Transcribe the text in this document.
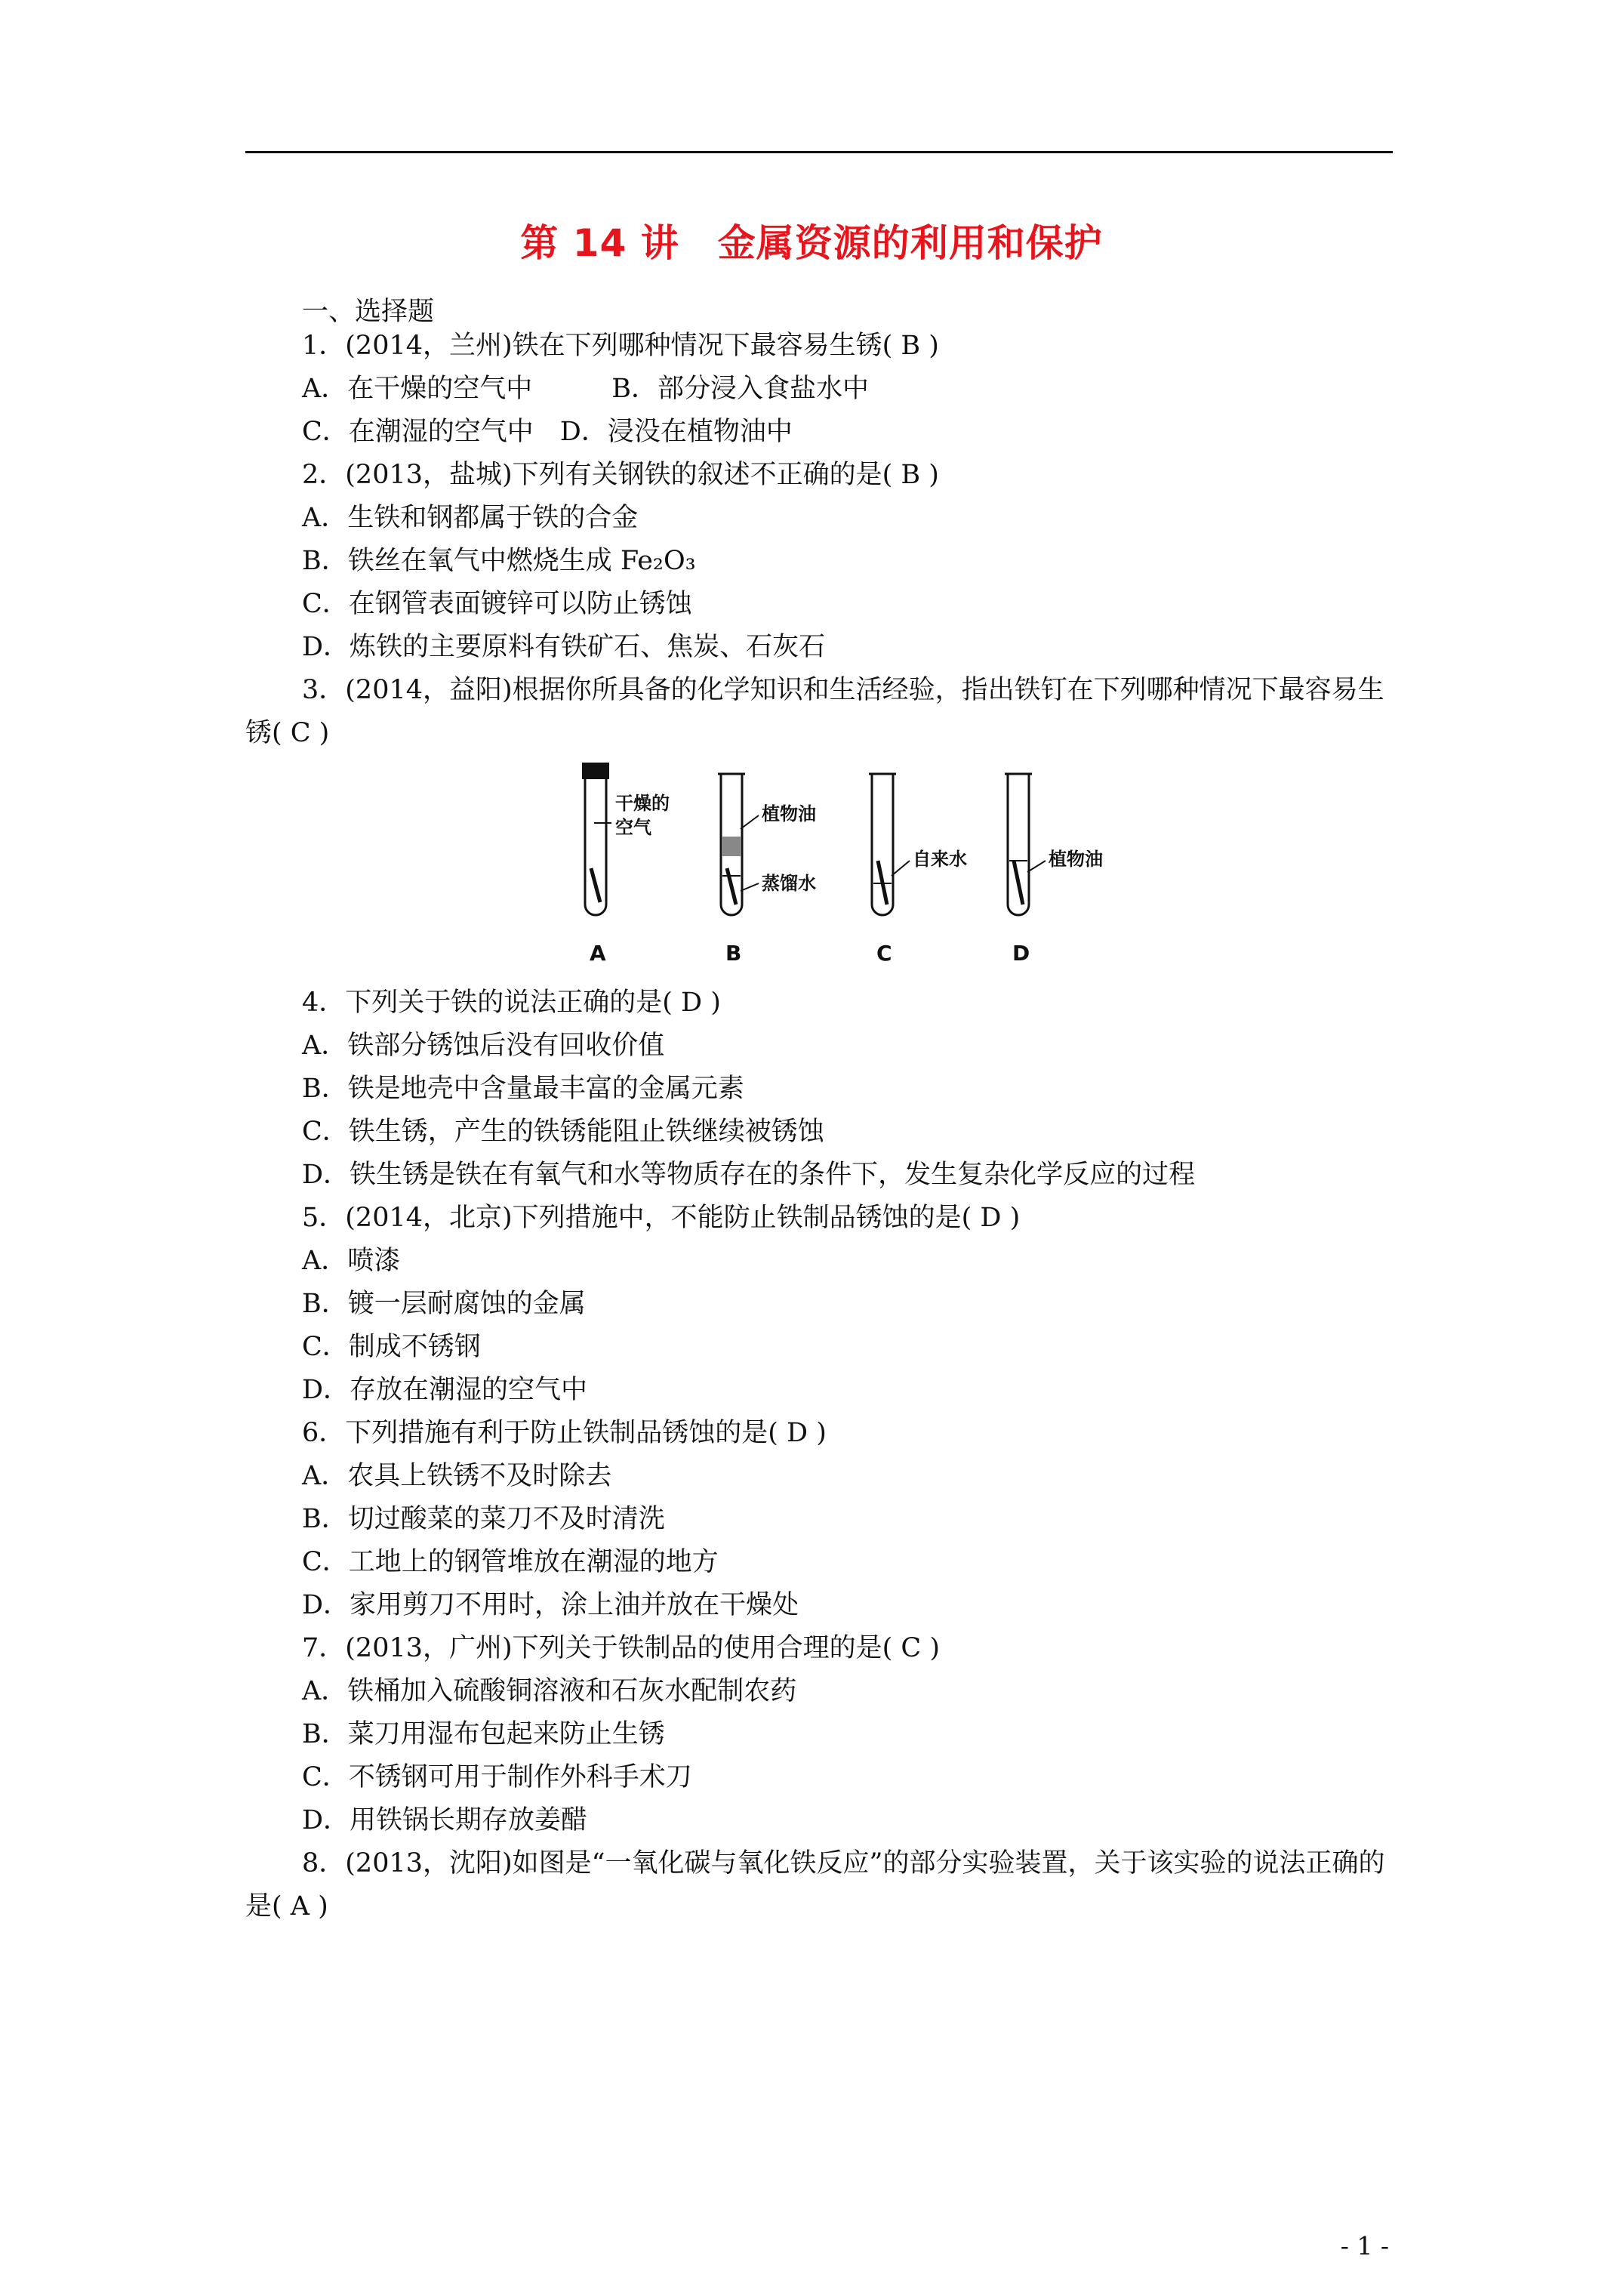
第 14 讲　金属资源的利用和保护
一、选择题
1．(2014，兰州)铁在下列哪种情况下最容易生锈( B )
A．在干燥的空气中　　　B．部分浸入食盐水中
C．在潮湿的空气中　D．浸没在植物油中
2．(2013，盐城)下列有关钢铁的叙述不正确的是( B )
A．生铁和钢都属于铁的合金
B．铁丝在氧气中燃烧生成 Fe₂O₃
C．在钢管表面镀锌可以防止锈蚀
D．炼铁的主要原料有铁矿石、焦炭、石灰石
3．(2014，益阳)根据你所具备的化学知识和生活经验，指出铁钉在下列哪种情况下最容易生锈( C )
干燥的
空气
植物油
蒸馏水
自来水	植物油
A	B	C	D
4．下列关于铁的说法正确的是( D )
A．铁部分锈蚀后没有回收价值
B．铁是地壳中含量最丰富的金属元素
C．铁生锈，产生的铁锈能阻止铁继续被锈蚀
D．铁生锈是铁在有氧气和水等物质存在的条件下，发生复杂化学反应的过程
5．(2014，北京)下列措施中，不能防止铁制品锈蚀的是( D )
A．喷漆
B．镀一层耐腐蚀的金属
C．制成不锈钢
D．存放在潮湿的空气中
6．下列措施有利于防止铁制品锈蚀的是( D )
A．农具上铁锈不及时除去
B．切过酸菜的菜刀不及时清洗
C．工地上的钢管堆放在潮湿的地方
D．家用剪刀不用时，涂上油并放在干燥处
7．(2013，广州)下列关于铁制品的使用合理的是( C )
A．铁桶加入硫酸铜溶液和石灰水配制农药
B．菜刀用湿布包起来防止生锈
C．不锈钢可用于制作外科手术刀
D．用铁锅长期存放姜醋
8．(2013，沈阳)如图是“一氧化碳与氧化铁反应”的部分实验装置，关于该实验的说法正确的是( A )
- 1 -
